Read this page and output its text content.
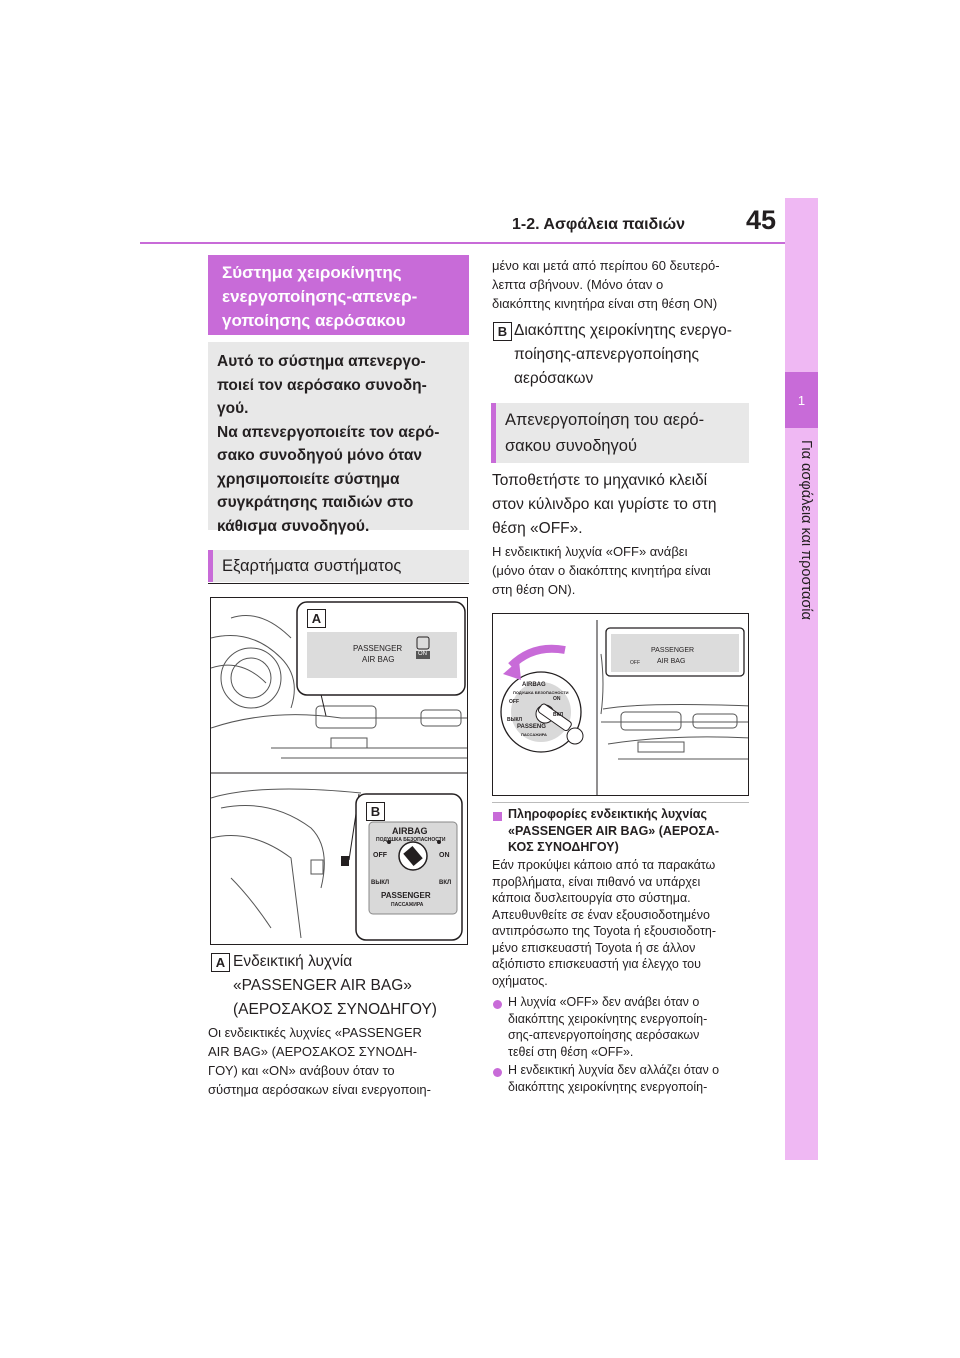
1-2. Ασφάλεια παιδιών 45
1
Για ασφάλεια και προστασία
Σύστημα χειροκίνητης
ενεργοποίησης-απενερ-
γοποίησης αερόσακου
Αυτό το σύστημα απενεργο-
ποιεί τον αερόσακο συνοδη-
γού.
Να απενεργοποιείτε τον αερό-
σακο συνοδηγού μόνο όταν
χρησιμοποιείτε σύστημα
συγκράτησης παιδιών στο
κάθισμα συνοδηγού.
Εξαρτήματα συστήματος
A
B
PASSENGER
AIR BAG
ON
AIRBAG
ПОДУШКА БЕЗОПАСНОСТИ
OFF	ON
ВЫКЛ	ВКЛ
PASSENGER
ПАССАЖИРА
A Ενδεικτική λυχνία
«PASSENGER AIR BAG»
(ΑΕΡΟΣΑΚΟΣ ΣΥΝΟΔΗΓΟΥ)
Οι ενδεικτικές λυχνίες «PASSENGER
AIR BAG» (ΑΕΡΟΣΑΚΟΣ ΣΥΝΟΔΗ-
ΓΟΥ) και «ON» ανάβουν όταν το
σύστημα αερόσακων είναι ενεργοποιη-
μένο και μετά από περίπου 60 δευτερό-
λεπτα σβήνουν. (Μόνο όταν ο
διακόπτης κινητήρα είναι στη θέση ON)
B Διακόπτης χειροκίνητης ενεργο-
ποίησης-απενεργοποίησης
αερόσακων
Απενεργοποίηση του αερό-
σακου συνοδηγού
Τοποθετήστε το μηχανικό κλειδί
στον κύλινδρο και γυρίστε το στη
θέση «OFF».
Η ενδεικτική λυχνία «OFF» ανάβει
(μόνο όταν ο διακόπτης κινητήρα είναι
στη θέση ON).
AIRBAG
ПОДУШКА БЕЗОПАСНОСТИ
OFF	ON
ВЫКЛ
ВКЛ
PASSENG
ПАССАЖИРА
PASSENGER
AIR BAG
OFF
Πληροφορίες ενδεικτικής λυχνίας
«PASSENGER AIR BAG» (ΑΕΡΟΣΑ-
ΚΟΣ ΣΥΝΟΔΗΓΟΥ)
Εάν προκύψει κάποιο από τα παρακάτω
προβλήματα, είναι πιθανό να υπάρχει
κάποια δυσλειτουργία στο σύστημα.
Απευθυνθείτε σε έναν εξουσιοδοτημένο
αντιπρόσωπο της Toyota ή εξουσιοδοτη-
μένο επισκευαστή Toyota ή σε άλλον
αξιόπιστο επισκευαστή για έλεγχο του
οχήματος.
Η λυχνία «OFF» δεν ανάβει όταν ο
διακόπτης χειροκίνητης ενεργοποίη-
σης-απενεργοποίησης αερόσακων
τεθεί στη θέση «OFF».
Η ενδεικτική λυχνία δεν αλλάζει όταν ο
διακόπτης χειροκίνητης ενεργοποίη-
